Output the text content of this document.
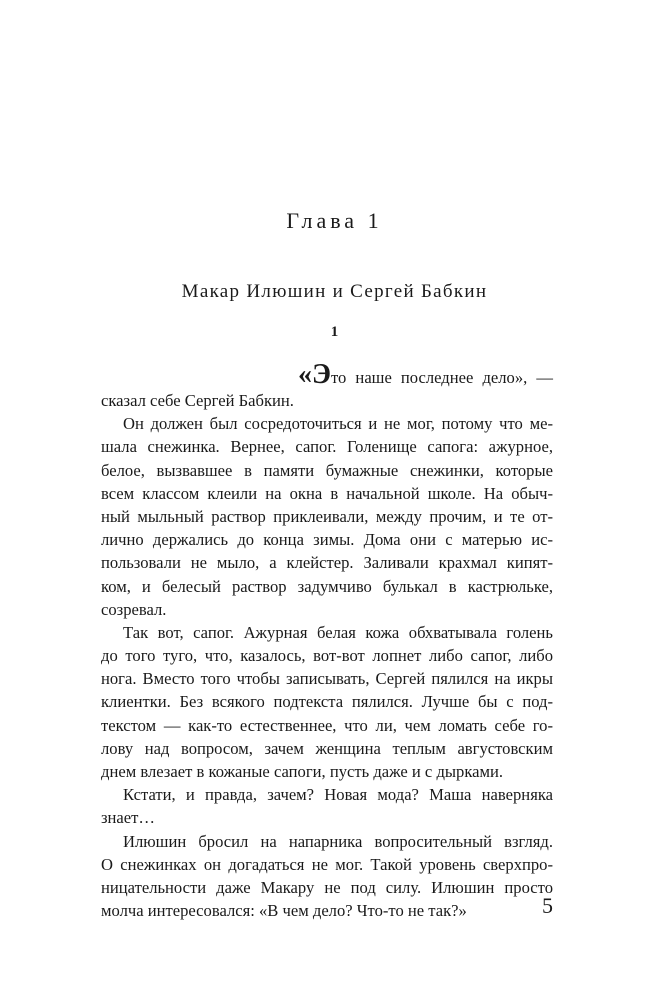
Глава 1
Макар Илюшин и Сергей Бабкин
1
«Это наше последнее дело», —
сказал себе Сергей Бабкин.
Он должен был сосредоточиться и не мог, потому что ме-
шала снежинка. Вернее, сапог. Голенище сапога: ажурное,
белое, вызвавшее в памяти бумажные снежинки, которые
всем классом клеили на окна в начальной школе. На обыч-
ный мыльный раствор приклеивали, между прочим, и те от-
лично держались до конца зимы. Дома они с матерью ис-
пользовали не мыло, а клейстер. Заливали крахмал кипят-
ком, и белесый раствор задумчиво булькал в кастрюльке,
созревал.
Так вот, сапог. Ажурная белая кожа обхватывала голень
до того туго, что, казалось, вот-вот лопнет либо сапог, либо
нога. Вместо того чтобы записывать, Сергей пялился на икры
клиентки. Без всякого подтекста пялился. Лучше бы с под-
текстом — как-то естественнее, что ли, чем ломать себе го-
лову над вопросом, зачем женщина теплым августовским
днем влезает в кожаные сапоги, пусть даже и с дырками.
Кстати, и правда, зачем? Новая мода? Маша наверняка
знает…
Илюшин бросил на напарника вопросительный взгляд.
О снежинках он догадаться не мог. Такой уровень сверхпро-
ницательности даже Макару не под силу. Илюшин просто
молча интересовался: «В чем дело? Что-то не так?»	5
